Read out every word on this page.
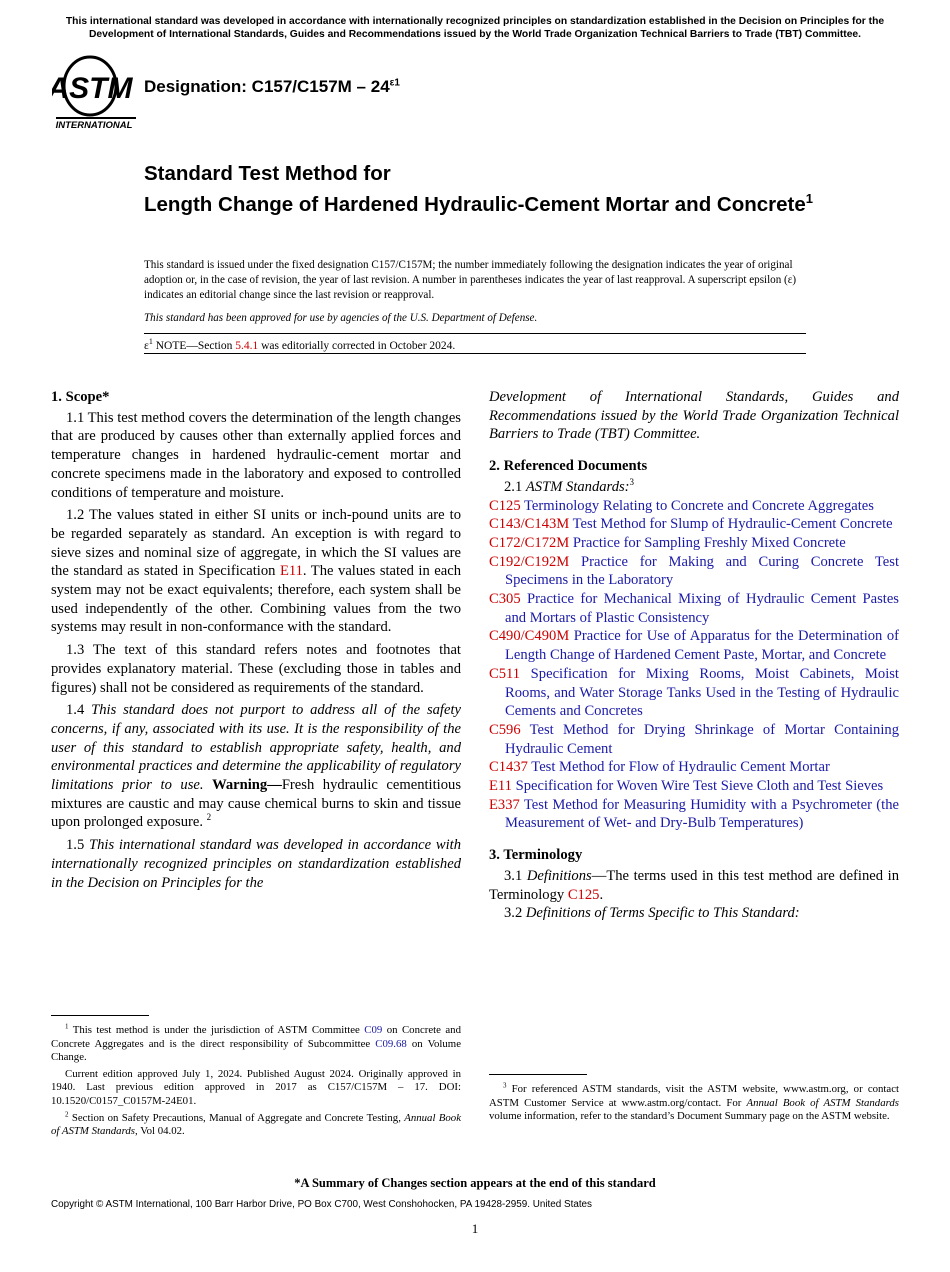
This international standard was developed in accordance with internationally recognized principles on standardization established in the Decision on Principles for the Development of International Standards, Guides and Recommendations issued by the World Trade Organization Technical Barriers to Trade (TBT) Committee.
ASTM
INTERNATIONAL
Designation: $C157/C157M - 24^{\varepsilon 1}$
Standard Test Method for
Length Change of Hardened Hydraulic-Cement Mortar and Concrete$^1$
This standard is issued under the fixed designation C157/C157M; the number immediately following the designation indicates the year of original adoption or, in the case of revision, the year of last revision. A number in parentheses indicates the year of last reapproval. A superscript epsilon (ε) indicates an editorial change since the last revision or reapproval.
This standard has been approved for use by agencies of the U.S. Department of Defense.
$\varepsilon^1$ NOTE—Section 5.4.1 was editorially corrected in October 2024.

1. Scope*

1.1 This test method covers the determination of the length changes that are produced by causes other than externally applied forces and temperature changes in hardened hydraulic-cement mortar and concrete specimens made in the laboratory and exposed to controlled conditions of temperature and moisture.

1.2 The values stated in either SI units or inch-pound units are to be regarded separately as standard. An exception is with regard to sieve sizes and nominal size of aggregate, in which the SI values are the standard as stated in Specification E11. The values stated in each system may not be exact equivalents; therefore, each system shall be used independently of the other. Combining values from the two systems may result in non-conformance with the standard.

1.3 The text of this standard refers notes and footnotes that provides explanatory material. These (excluding those in tables and figures) shall not be considered as requirements of the standard.

1.4 This standard does not purport to address all of the safety concerns, if any, associated with its use. It is the responsibility of the user of this standard to establish appropriate safety, health, and environmental practices and determine the applicability of regulatory limitations prior to use. Warning—Fresh hydraulic cementitious mixtures are caustic and may cause chemical burns to skin and tissue upon prolonged exposure. $^2$

1.5 This international standard was developed in accordance with internationally recognized principles on standardization established in the Decision on Principles for the

Development of International Standards, Guides and Recommendations issued by the World Trade Organization Technical Barriers to Trade (TBT) Committee.

2. Referenced Documents

2.1 ASTM Standards:$^3$

C125 Terminology Relating to Concrete and Concrete Aggregates

C143/C143M Test Method for Slump of Hydraulic-Cement Concrete

C172/C172M Practice for Sampling Freshly Mixed Concrete

C192/C192M Practice for Making and Curing Concrete Test Specimens in the Laboratory

C305 Practice for Mechanical Mixing of Hydraulic Cement Pastes and Mortars of Plastic Consistency

C490/C490M Practice for Use of Apparatus for the Determination of Length Change of Hardened Cement Paste, Mortar, and Concrete

C511 Specification for Mixing Rooms, Moist Cabinets, Moist Rooms, and Water Storage Tanks Used in the Testing of Hydraulic Cements and Concretes

C596 Test Method for Drying Shrinkage of Mortar Containing Hydraulic Cement

C1437 Test Method for Flow of Hydraulic Cement Mortar

E11 Specification for Woven Wire Test Sieve Cloth and Test Sieves

E337 Test Method for Measuring Humidity with a Psychrometer (the Measurement of Wet- and Dry-Bulb Temperatures)

3. Terminology

3.1 Definitions—The terms used in this test method are defined in Terminology C125.

3.2 Definitions of Terms Specific to This Standard:

$^1$ This test method is under the jurisdiction of ASTM Committee C09 on Concrete and Concrete Aggregates and is the direct responsibility of Subcommittee C09.68 on Volume Change.

Current edition approved July 1, 2024. Published August 2024. Originally approved in 1940. Last previous edition approved in 2017 as C157/C157M – 17. DOI: 10.1520/C0157_C0157M-24E01.

$^2$ Section on Safety Precautions, Manual of Aggregate and Concrete Testing, Annual Book of ASTM Standards, Vol 04.02.

$^3$ For referenced ASTM standards, visit the ASTM website, www.astm.org, or contact ASTM Customer Service at www.astm.org/contact. For Annual Book of ASTM Standards volume information, refer to the standard’s Document Summary page on the ASTM website.

*A Summary of Changes section appears at the end of this standard
Copyright © ASTM International, 100 Barr Harbor Drive, PO Box C700, West Conshohocken, PA 19428-2959. United States
1
